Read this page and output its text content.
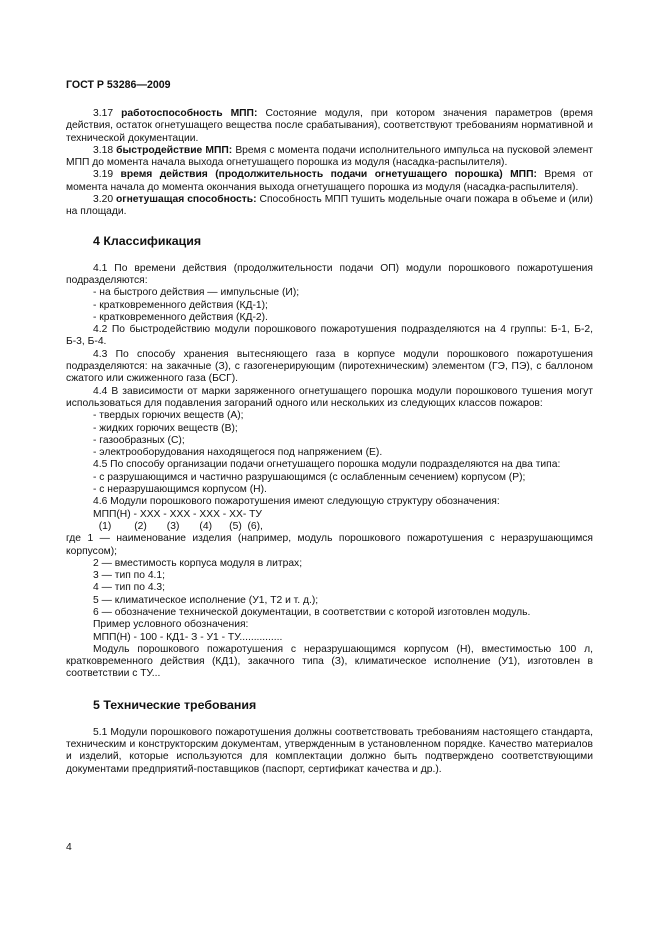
ГОСТ Р 53286—2009

3.17 работоспособность МПП: Состояние модуля, при котором значения параметров (время действия, остаток огнетушащего вещества после срабатывания), соответствуют требованиям нормативной и технической документации.

3.18 быстродействие МПП: Время с момента подачи исполнительного импульса на пусковой элемент МПП до момента начала выхода огнетушащего порошка из модуля (насадка-распылителя).

3.19 время действия (продолжительность подачи огнетушащего порошка) МПП: Время от момента начала до момента окончания выхода огнетушащего порошка из модуля (насадка-распылителя).

3.20 огнетушащая способность: Способность МПП тушить модельные очаги пожара в объеме и (или) на площади.

4 Классификация

4.1 По времени действия (продолжительности подачи ОП) модули порошкового пожаротушения подразделяются:

- на быстрого действия — импульсные (И);

- кратковременного действия (КД-1);

- кратковременного действия (КД-2).

4.2 По быстродействию модули порошкового пожаротушения подразделяются на 4 группы: Б-1, Б-2, Б-3, Б-4.

4.3 По способу хранения вытесняющего газа в корпусе модули порошкового пожаротушения подразделяются: на закачные (З), с газогенерирующим (пиротехническим) элементом (ГЭ, ПЭ), с баллоном сжатого или сжиженного газа (БСГ).

4.4 В зависимости от марки заряженного огнетушащего порошка модули порошкового тушения могут использоваться для подавления загораний одного или нескольких из следующих классов пожаров:

- твердых горючих веществ (А);

- жидких горючих веществ (В);

- газообразных (С);

- электрооборудования находящегося под напряжением (Е).

4.5 По способу организации подачи огнетушащего порошка модули подразделяются на два типа:

- с разрушающимся и частично разрушающимся (с ослабленным сечением) корпусом (Р);

- с неразрушающимся корпусом (Н).

4.6 Модули порошкового пожаротушения имеют следующую структуру обозначения:

МПП(Н) - ХХХ - ХХХ - ХХХ - ХХ- ТУ

(1)        (2)       (3)       (4)      (5)  (6),

где 1 — наименование изделия (например, модуль порошкового пожаротушения с неразрушающимся корпусом);

2 — вместимость корпуса модуля в литрах;

3 — тип по 4.1;

4 — тип по 4.3;

5 — климатическое исполнение (У1, Т2 и т. д.);

6 — обозначение технической документации, в соответствии с которой изготовлен модуль.

Пример условного обозначения:

МПП(Н) - 100 - КД1- З - У1 - ТУ...............

Модуль порошкового пожаротушения с неразрушающимся корпусом (Н), вместимостью 100 л, кратковременного действия (КД1), закачного типа (З), климатическое исполнение (У1), изготовлен в соответствии с ТУ...

5 Технические требования

5.1 Модули порошкового пожаротушения должны соответствовать требованиям настоящего стандарта, техническим и конструкторским документам, утвержденным в установленном порядке. Качество материалов и изделий, которые используются для комплектации должно быть подтверждено соответствующими документами предприятий-поставщиков (паспорт, сертификат качества и др.).

4
